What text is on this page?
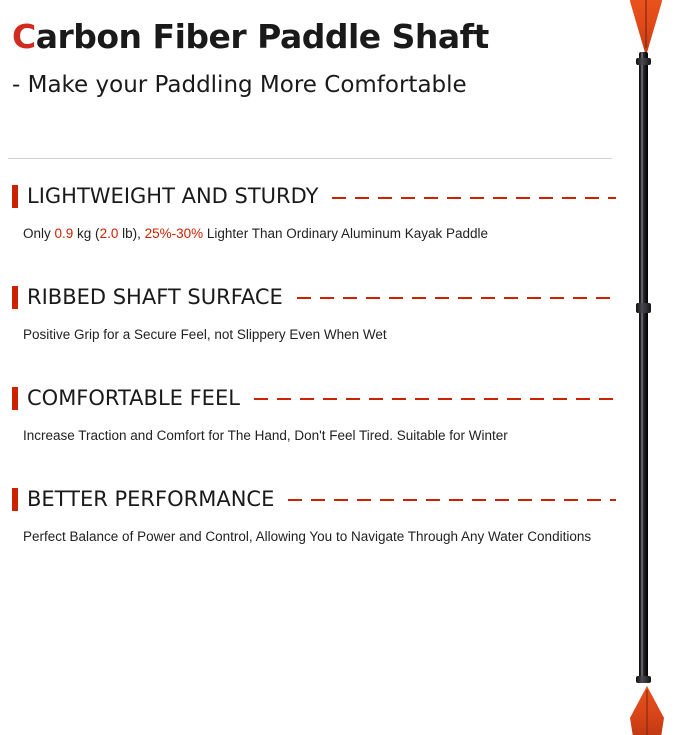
Carbon Fiber Paddle Shaft
- Make your Paddling More Comfortable
LIGHTWEIGHT AND STURDY
Only 0.9 kg (2.0 lb), 25%-30% Lighter Than Ordinary Aluminum Kayak Paddle
RIBBED SHAFT SURFACE
Positive Grip for a Secure Feel, not Slippery Even When Wet
COMFORTABLE FEEL
Increase Traction and Comfort for The Hand, Don't Feel Tired. Suitable for Winter
BETTER PERFORMANCE
Perfect Balance of Power and Control, Allowing You to Navigate Through Any Water Conditions
